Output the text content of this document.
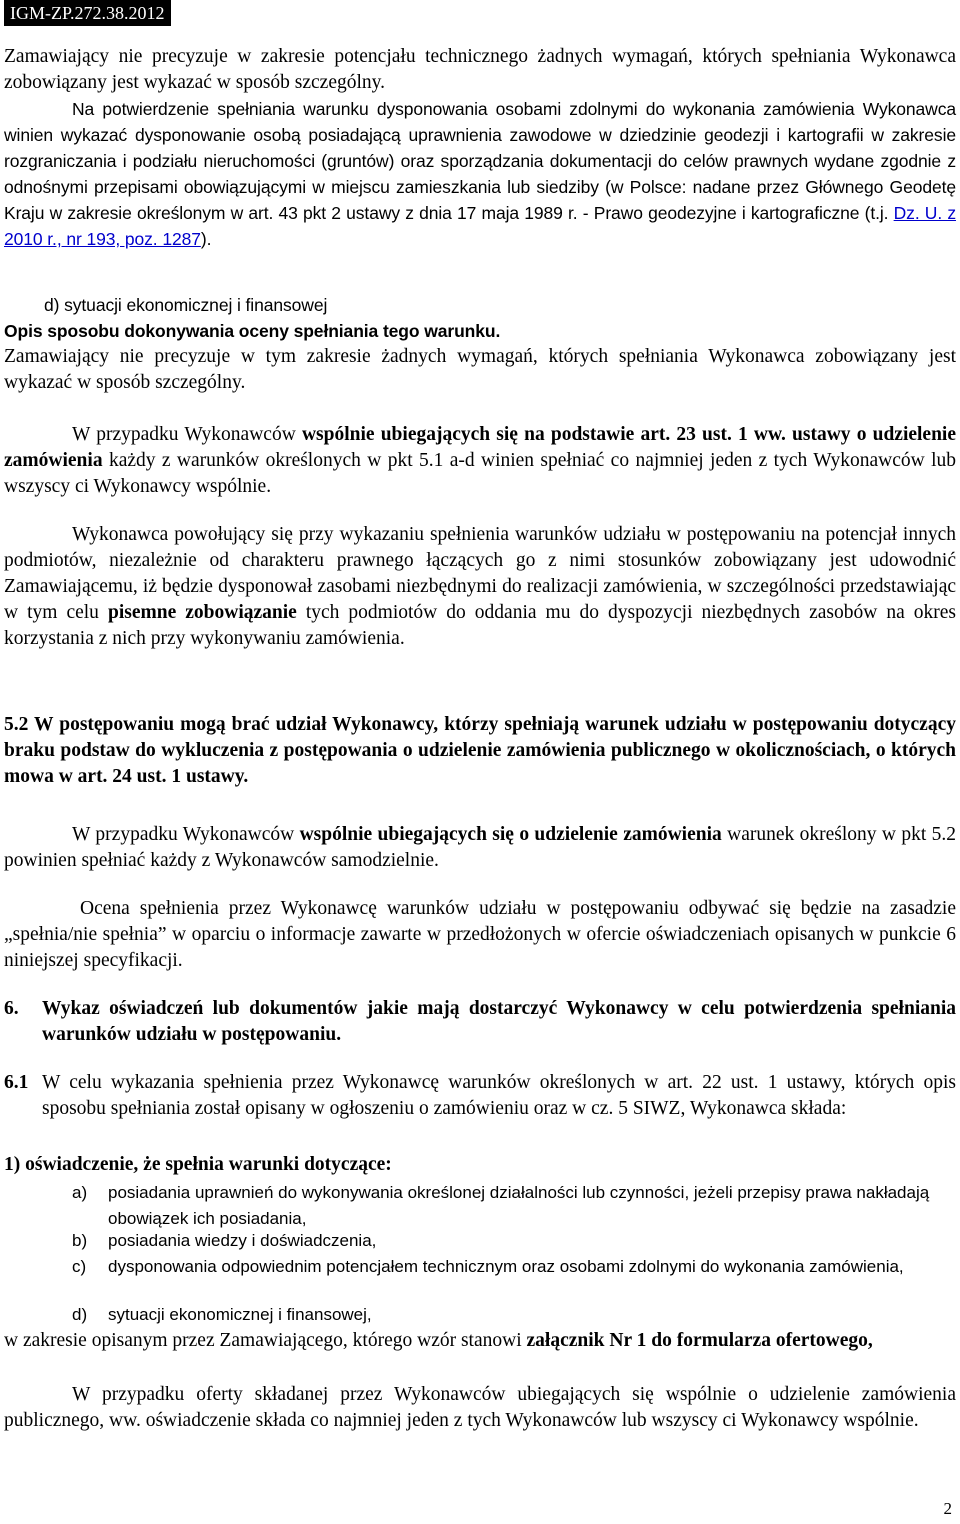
IGM-ZP.272.38.2012

Zamawiający nie precyzuje w zakresie potencjału technicznego żadnych wymagań, których spełniania Wykonawca zobowiązany jest wykazać w sposób szczególny.

Na potwierdzenie spełniania warunku dysponowania osobami zdolnymi do wykonania zamówienia Wykonawca winien wykazać dysponowanie osobą posiadającą uprawnienia zawodowe w dziedzinie geodezji i kartografii w zakresie rozgraniczania i podziału nieruchomości (gruntów) oraz sporządzania dokumentacji do celów prawnych wydane zgodnie z odnośnymi przepisami obowiązującymi w miejscu zamieszkania lub siedziby (w Polsce: nadane przez Głównego Geodetę Kraju w zakresie określonym w art. 43 pkt 2 ustawy z dnia 17 maja 1989 r. - Prawo geodezyjne i kartograficzne (t.j. Dz. U. z 2010 r., nr 193, poz. 1287).

d) sytuacji ekonomicznej i finansowej

Opis sposobu dokonywania oceny spełniania tego warunku.

Zamawiający nie precyzuje w tym zakresie żadnych wymagań, których spełniania Wykonawca zobowiązany jest wykazać w sposób szczególny.

W przypadku Wykonawców wspólnie ubiegających się na podstawie art. 23 ust. 1 ww. ustawy o udzielenie zamówienia każdy z warunków określonych w pkt 5.1 a-d winien spełniać co najmniej jeden z tych Wykonawców lub wszyscy ci Wykonawcy wspólnie.

Wykonawca powołujący się przy wykazaniu spełnienia warunków udziału w postępowaniu na potencjał innych podmiotów, niezależnie od charakteru prawnego łączących go z nimi stosunków zobowiązany jest udowodnić Zamawiającemu, iż będzie dysponował zasobami niezbędnymi do realizacji zamówienia, w szczególności przedstawiając w tym celu pisemne zobowiązanie tych podmiotów do oddania mu do dyspozycji niezbędnych zasobów na okres korzystania z nich przy wykonywaniu zamówienia.

5.2 W postępowaniu mogą brać udział Wykonawcy, którzy spełniają warunek udziału w postępowaniu dotyczący braku podstaw do wykluczenia z postępowania o udzielenie zamówienia publicznego w okolicznościach, o których mowa w art. 24 ust. 1 ustawy.

W przypadku Wykonawców wspólnie ubiegających się o udzielenie zamówienia warunek określony w pkt 5.2 powinien spełniać każdy z Wykonawców samodzielnie.

Ocena spełnienia przez Wykonawcę warunków udziału w postępowaniu odbywać się będzie na zasadzie „spełnia/nie spełnia” w oparciu o informacje zawarte w przedłożonych w ofercie oświadczeniach opisanych w punkcie 6 niniejszej specyfikacji.

6.	Wykaz oświadczeń lub dokumentów jakie mają dostarczyć Wykonawcy w celu potwierdzenia spełniania warunków udziału w postępowaniu.

6.1 W celu wykazania spełnienia przez Wykonawcę warunków określonych w art. 22 ust. 1 ustawy, których opis sposobu spełniania został opisany w ogłoszeniu o zamówieniu oraz w cz. 5 SIWZ, Wykonawca składa:

1) oświadczenie, że spełnia warunki dotyczące:

a)	posiadania uprawnień do wykonywania określonej działalności lub czynności, jeżeli przepisy prawa nakładają obowiązek ich posiadania,
b)	posiadania wiedzy i doświadczenia,
c)	dysponowania odpowiednim potencjałem technicznym oraz osobami zdolnymi do wykonania zamówienia,
d)	sytuacji ekonomicznej i finansowej,

w zakresie opisanym przez Zamawiającego, którego wzór stanowi załącznik Nr 1 do formularza ofertowego,

W przypadku oferty składanej przez Wykonawców ubiegających się wspólnie o udzielenie zamówienia publicznego, ww. oświadczenie składa co najmniej jeden z tych Wykonawców lub wszyscy ci Wykonawcy wspólnie.

2
